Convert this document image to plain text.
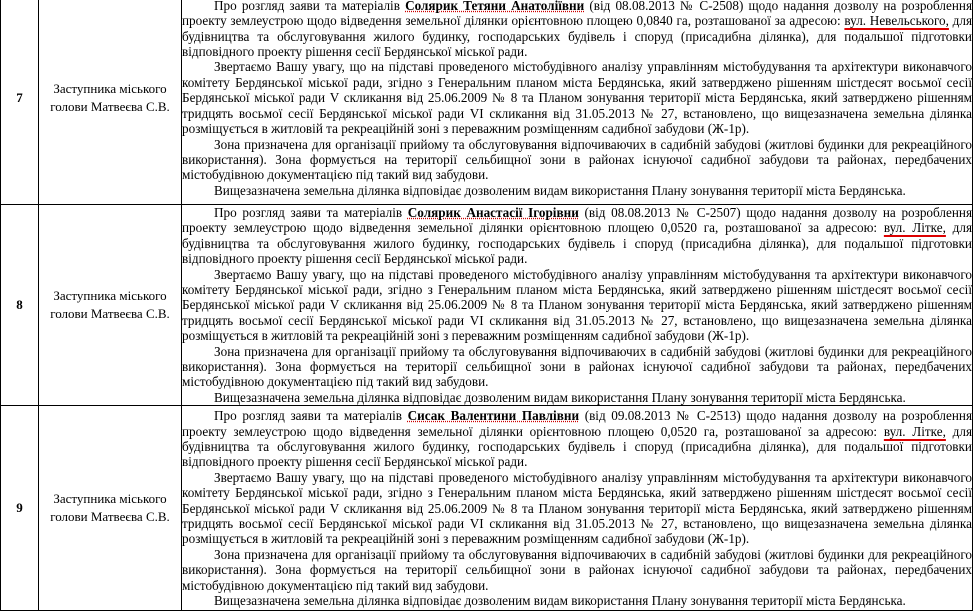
7	Заступника міського голови Матвеєва С.В.	Про розгляд заяви та матеріалів Солярик Тетяни Анатоліївни (від 08.08.2013 № С-2508) щодо надання дозволу на розроблення проекту землеустрою щодо відведення земельної ділянки орієнтовною площею 0,0840 га, розташованої за адресою: вул. Невельського, для будівництва та обслуговування жилого будинку, господарських будівель і споруд (присадибна ділянка), для подальшої підготовки відповідного проекту рішення сесії Бердянської міської ради.

Звертаємо Вашу увагу, що на підставі проведеного містобудівного аналізу управлінням містобудування та архітектури виконавчого комітету Бердянської міської ради, згідно з Генеральним планом міста Бердянська, який затверджено рішенням шістдесят восьмої сесії Бердянської міської ради V скликання від 25.06.2009 № 8 та Планом зонування території міста Бердянська, який затверджено рішенням тридцять восьмої сесії Бердянської міської ради VI скликання від 31.05.2013 № 27, встановлено, що вищезазначена земельна ділянка розміщується в житловій та рекреаційній зоні з переважним розміщенням садибної забудови (Ж-1р).

Зона призначена для організації прийому та обслуговування відпочиваючих в садибній забудові (житлові будинки для рекреаційного використання). Зона формується на території сельбищної зони в районах існуючої садибної забудови та районах, передбачених містобудівною документацією під такий вид забудови.

Вищезазначена земельна ділянка відповідає дозволеним видам використання Плану зонування території міста Бердянська.

8	Заступника міського голови Матвеєва С.В.	Про розгляд заяви та матеріалів Солярик Анастасії Ігорівни (від 08.08.2013 № С-2507) щодо надання дозволу на розроблення проекту землеустрою щодо відведення земельної ділянки орієнтовною площею 0,0520 га, розташованої за адресою: вул. Літке, для будівництва та обслуговування жилого будинку, господарських будівель і споруд (присадибна ділянка), для подальшої підготовки відповідного проекту рішення сесії Бердянської міської ради.

Звертаємо Вашу увагу, що на підставі проведеного містобудівного аналізу управлінням містобудування та архітектури виконавчого комітету Бердянської міської ради, згідно з Генеральним планом міста Бердянська, який затверджено рішенням шістдесят восьмої сесії Бердянської міської ради V скликання від 25.06.2009 № 8 та Планом зонування території міста Бердянська, який затверджено рішенням тридцять восьмої сесії Бердянської міської ради VI скликання від 31.05.2013 № 27, встановлено, що вищезазначена земельна ділянка розміщується в житловій та рекреаційній зоні з переважним розміщенням садибної забудови (Ж-1р).

Зона призначена для організації прийому та обслуговування відпочиваючих в садибній забудові (житлові будинки для рекреаційного використання). Зона формується на території сельбищної зони в районах існуючої садибної забудови та районах, передбачених містобудівною документацією під такий вид забудови.

Вищезазначена земельна ділянка відповідає дозволеним видам використання Плану зонування території міста Бердянська.

9	Заступника міського голови Матвеєва С.В.	Про розгляд заяви та матеріалів Сисак Валентини Павлівни (від 09.08.2013 № С-2513) щодо надання дозволу на розроблення проекту землеустрою щодо відведення земельної ділянки орієнтовною площею 0,0520 га, розташованої за адресою: вул. Літке, для будівництва та обслуговування жилого будинку, господарських будівель і споруд (присадибна ділянка), для подальшої підготовки відповідного проекту рішення сесії Бердянської міської ради.

Звертаємо Вашу увагу, що на підставі проведеного містобудівного аналізу управлінням містобудування та архітектури виконавчого комітету Бердянської міської ради, згідно з Генеральним планом міста Бердянська, який затверджено рішенням шістдесят восьмої сесії Бердянської міської ради V скликання від 25.06.2009 № 8 та Планом зонування території міста Бердянська, який затверджено рішенням тридцять восьмої сесії Бердянської міської ради VI скликання від 31.05.2013 № 27, встановлено, що вищезазначена земельна ділянка розміщується в житловій та рекреаційній зоні з переважним розміщенням садибної забудови (Ж-1р).

Зона призначена для організації прийому та обслуговування відпочиваючих в садибній забудові (житлові будинки для рекреаційного використання). Зона формується на території сельбищної зони в районах існуючої садибної забудови та районах, передбачених містобудівною документацією під такий вид забудови.

Вищезазначена земельна ділянка відповідає дозволеним видам використання Плану зонування території міста Бердянська.
